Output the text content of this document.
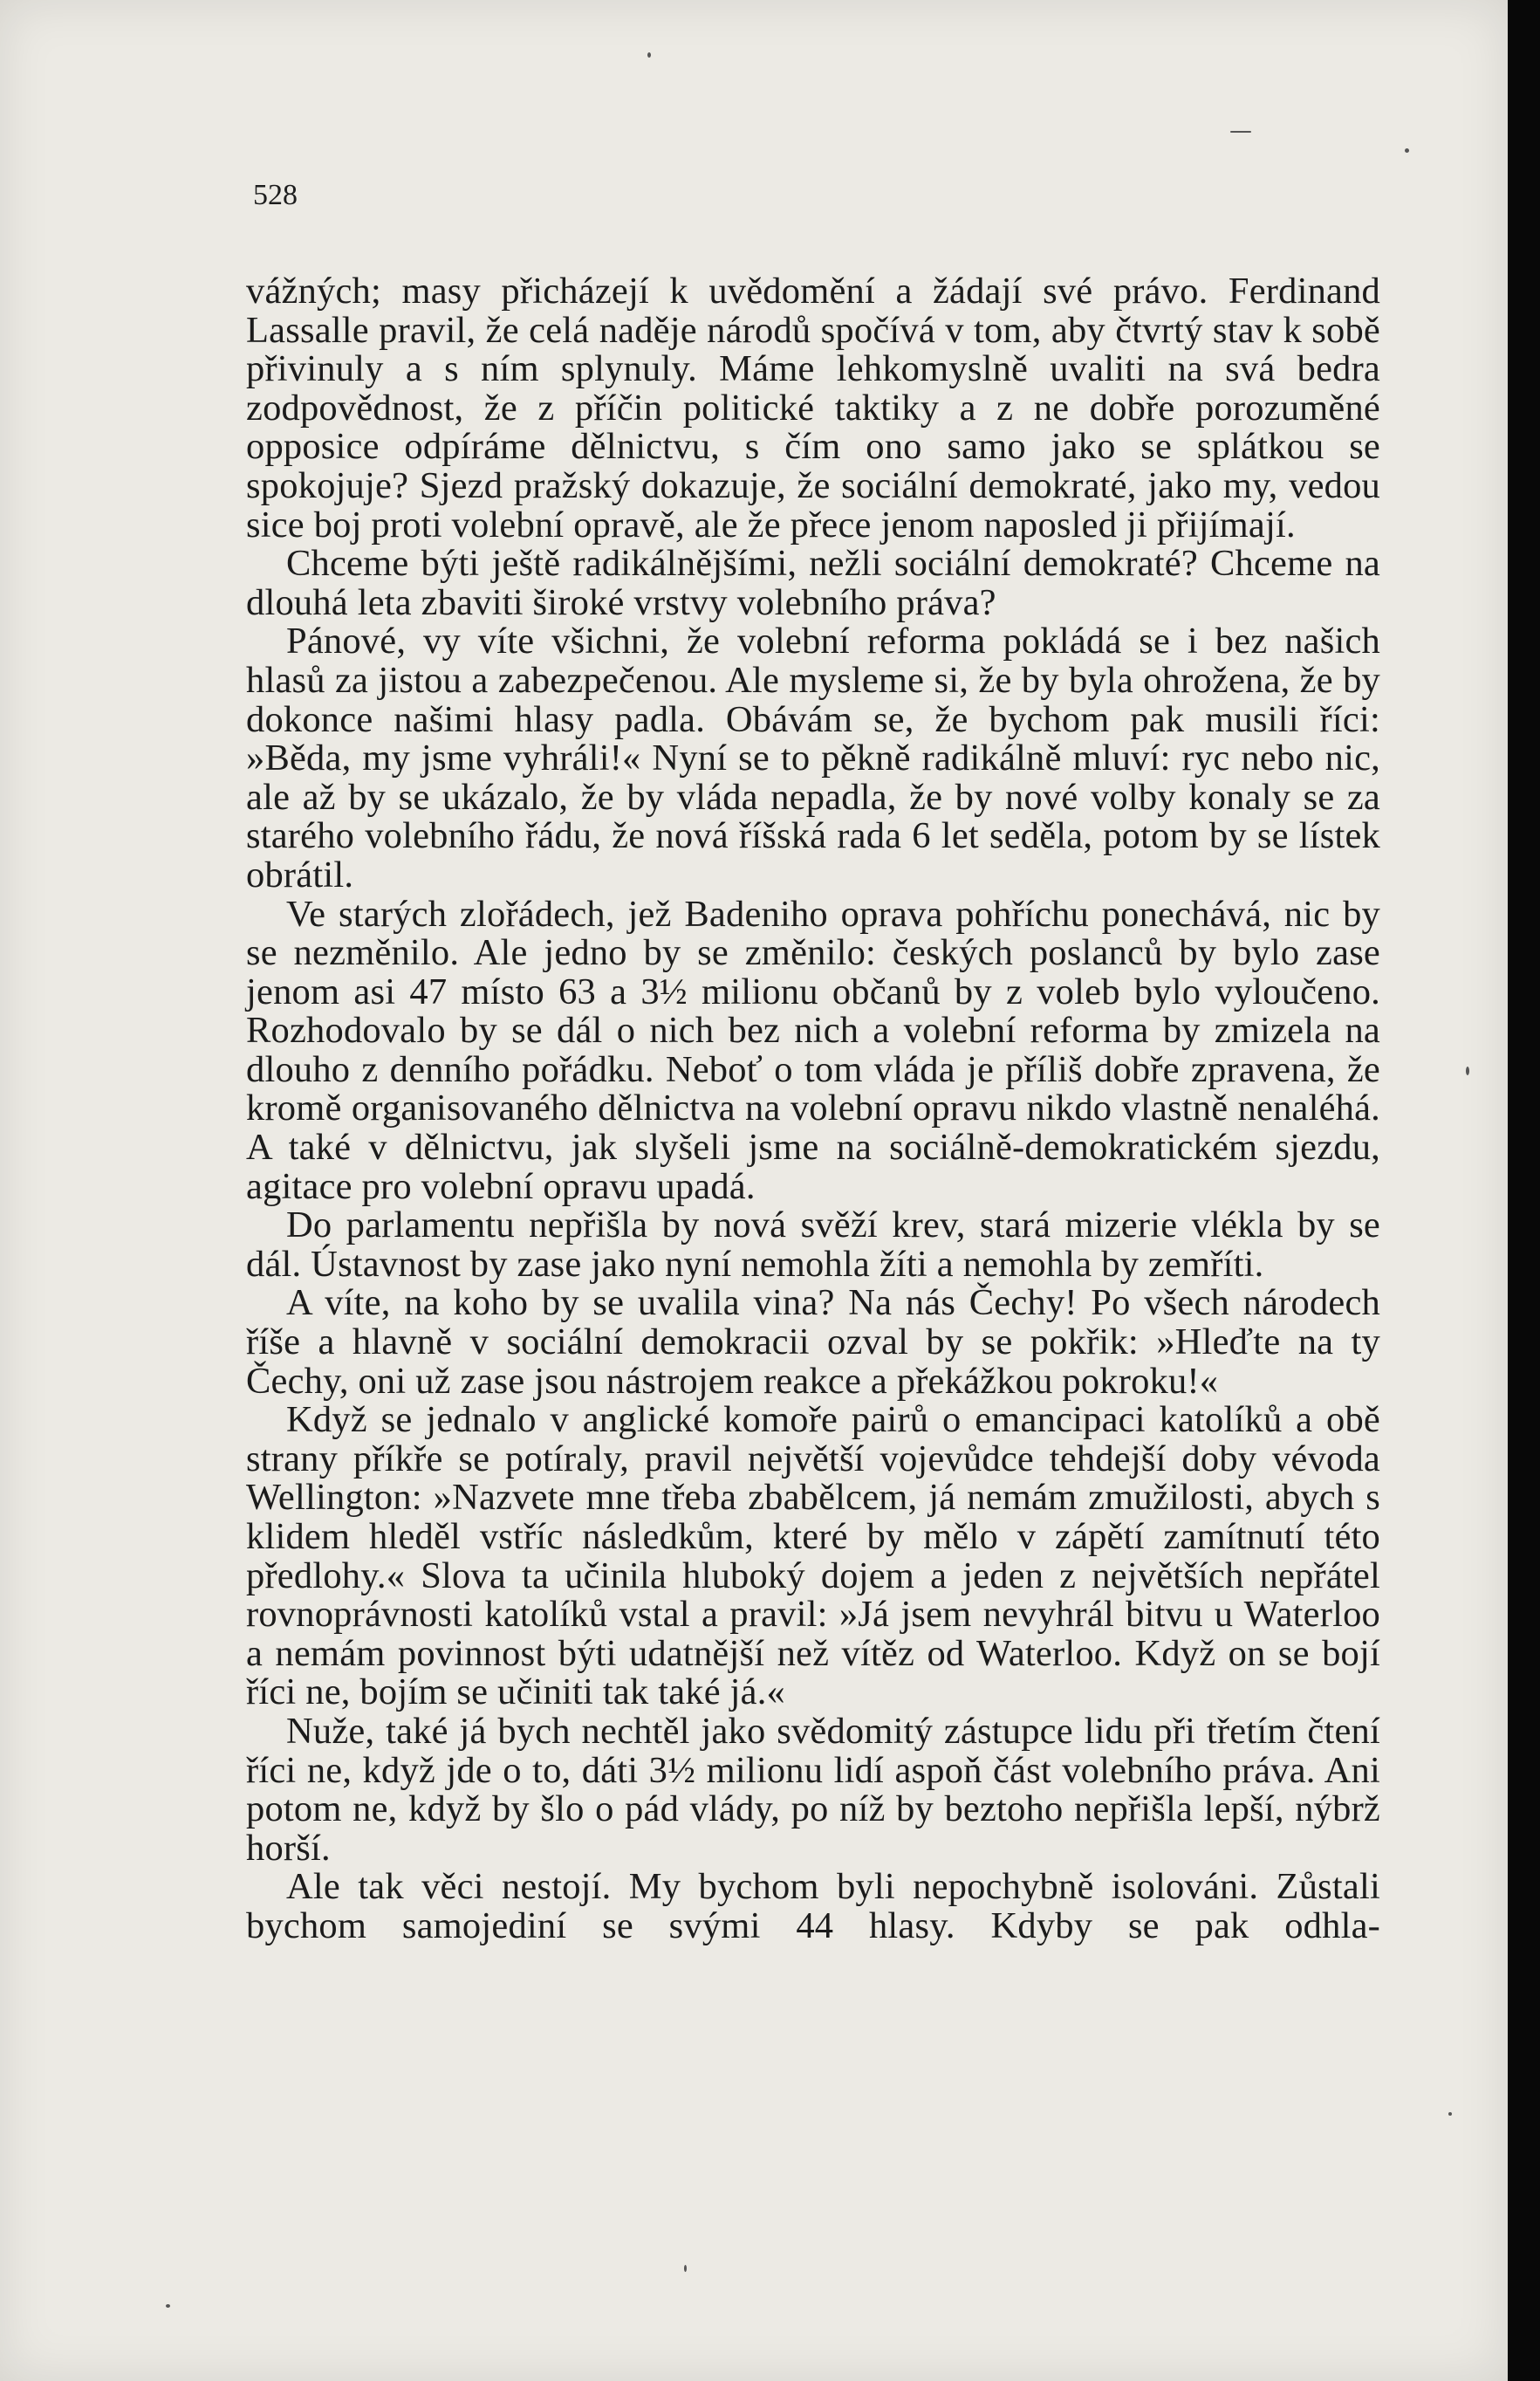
528

vážných; masy přicházejí k uvědomění a žádají své právo. Ferdinand Lassalle pravil, že celá naděje národů spočívá v tom, aby čtvrtý stav k sobě přivinuly a s ním splynuly. Máme lehkomyslně uvaliti na svá bedra zodpovědnost, že z příčin politické taktiky a z ne dobře porozuměné opposice odpíráme dělnictvu, s čím ono samo jako se splátkou se spokojuje? Sjezd pražský dokazuje, že sociální demokraté, jako my, vedou sice boj proti volební opravě, ale že přece jenom naposled ji přijímají.

Chceme býti ještě radikálnějšími, nežli sociální demokraté? Chceme na dlouhá leta zbaviti široké vrstvy volebního práva?

Pánové, vy víte všichni, že volební reforma pokládá se i bez našich hlasů za jistou a zabezpečenou. Ale mysleme si, že by byla ohrožena, že by dokonce našimi hlasy padla. Obávám se, že bychom pak musili říci: »Běda, my jsme vyhráli!« Nyní se to pěkně radikálně mluví: ryc nebo nic, ale až by se ukázalo, že by vláda nepadla, že by nové volby konaly se za starého volebního řádu, že nová říšská rada 6 let seděla, potom by se lístek obrátil.

Ve starých zlořádech, jež Badeniho oprava pohříchu ponechává, nic by se nezměnilo. Ale jedno by se změnilo: českých poslanců by bylo zase jenom asi 47 místo 63 a 3½ milionu občanů by z voleb bylo vyloučeno. Rozhodovalo by se dál o nich bez nich a volební reforma by zmizela na dlouho z denního pořádku. Neboť o tom vláda je příliš dobře zpravena, že kromě organisovaného dělnictva na volební opravu nikdo vlastně nenaléhá. A také v dělnictvu, jak slyšeli jsme na sociálně-demokratickém sjezdu, agitace pro volební opravu upadá.

Do parlamentu nepřišla by nová svěží krev, stará mizerie vlékla by se dál. Ústavnost by zase jako nyní nemohla žíti a nemohla by zemříti.

A víte, na koho by se uvalila vina? Na nás Čechy! Po všech národech říše a hlavně v sociální demokracii ozval by se pokřik: »Hleďte na ty Čechy, oni už zase jsou nástrojem reakce a překážkou pokroku!«

Když se jednalo v anglické komoře pairů o emancipaci katolíků a obě strany příkře se potíraly, pravil největší vojevůdce tehdejší doby vévoda Wellington: »Nazvete mne třeba zbabělcem, já nemám zmužilosti, abych s klidem hleděl vstříc následkům, které by mělo v zápětí zamítnutí této předlohy.« Slova ta učinila hluboký dojem a jeden z největších nepřátel rovnoprávnosti katolíků vstal a pravil: »Já jsem nevyhrál bitvu u Waterloo a nemám povinnost býti udatnější než vítěz od Waterloo. Když on se bojí říci ne, bojím se učiniti tak také já.«

Nuže, také já bych nechtěl jako svědomitý zástupce lidu při třetím čtení říci ne, když jde o to, dáti 3½ milionu lidí aspoň část volebního práva. Ani potom ne, když by šlo o pád vlády, po níž by beztoho nepřišla lepší, nýbrž horší.

Ale tak věci nestojí. My bychom byli nepochybně isolováni. Zůstali bychom samojediní se svými 44 hlasy. Kdyby se pak odhla-
